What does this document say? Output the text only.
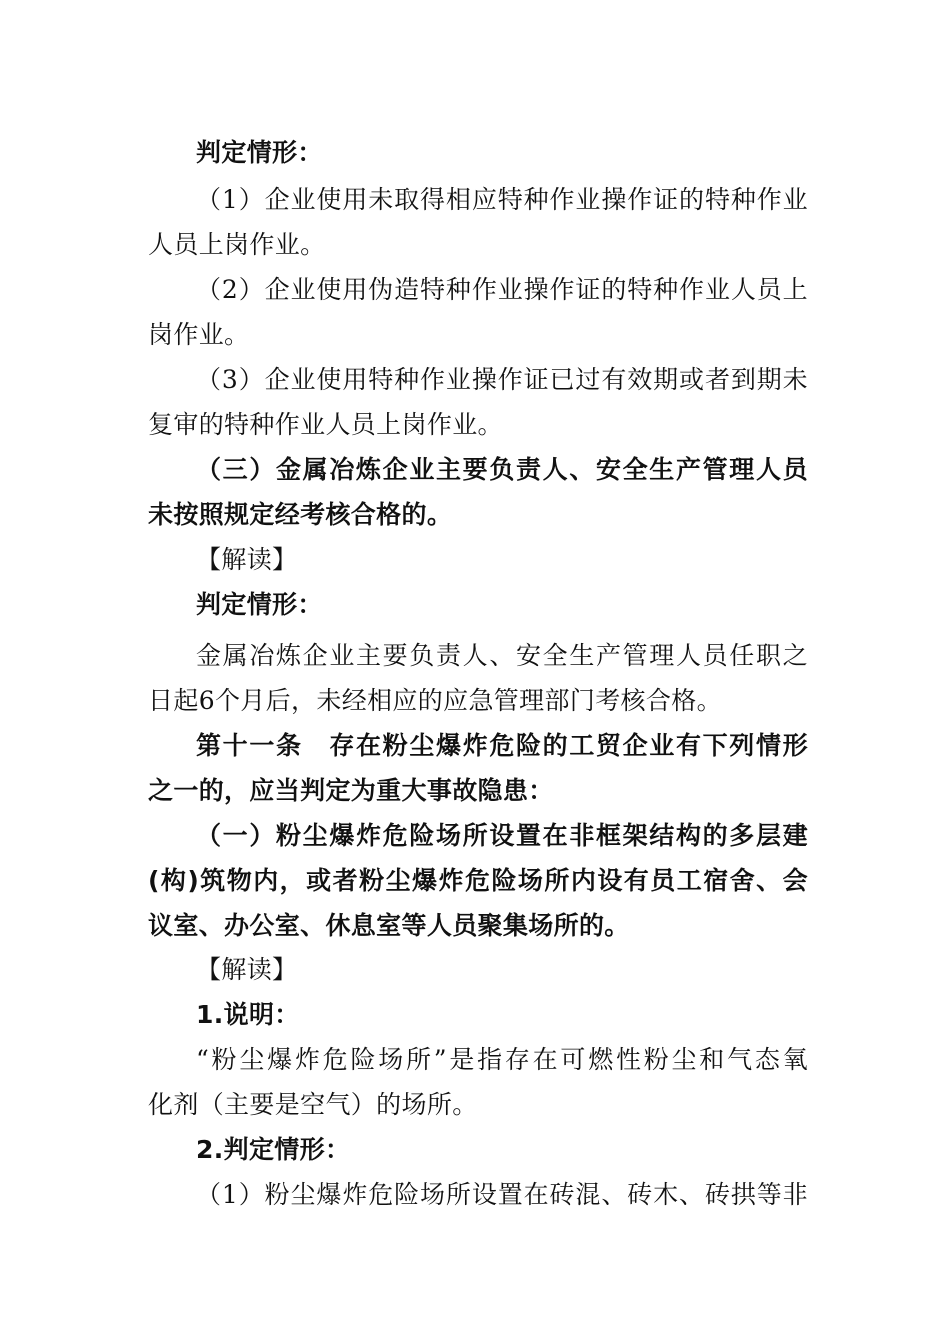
判定情形：
（1）企业使用未取得相应特种作业操作证的特种作业
人员上岗作业。
（2）企业使用伪造特种作业操作证的特种作业人员上
岗作业。
（3）企业使用特种作业操作证已过有效期或者到期未
复审的特种作业人员上岗作业。
（三）金属冶炼企业主要负责人、安全生产管理人员
未按照规定经考核合格的。
【解读】
判定情形：
金属冶炼企业主要负责人、安全生产管理人员任职之
日起6个月后，未经相应的应急管理部门考核合格。
第十一条　存在粉尘爆炸危险的工贸企业有下列情形
之一的，应当判定为重大事故隐患：
（一）粉尘爆炸危险场所设置在非框架结构的多层建
(构)筑物内，或者粉尘爆炸危险场所内设有员工宿舍、会
议室、办公室、休息室等人员聚集场所的。
【解读】
1.说明：
“粉尘爆炸危险场所”是指存在可燃性粉尘和气态氧
化剂（主要是空气）的场所。
2.判定情形：
（1）粉尘爆炸危险场所设置在砖混、砖木、砖拱等非
